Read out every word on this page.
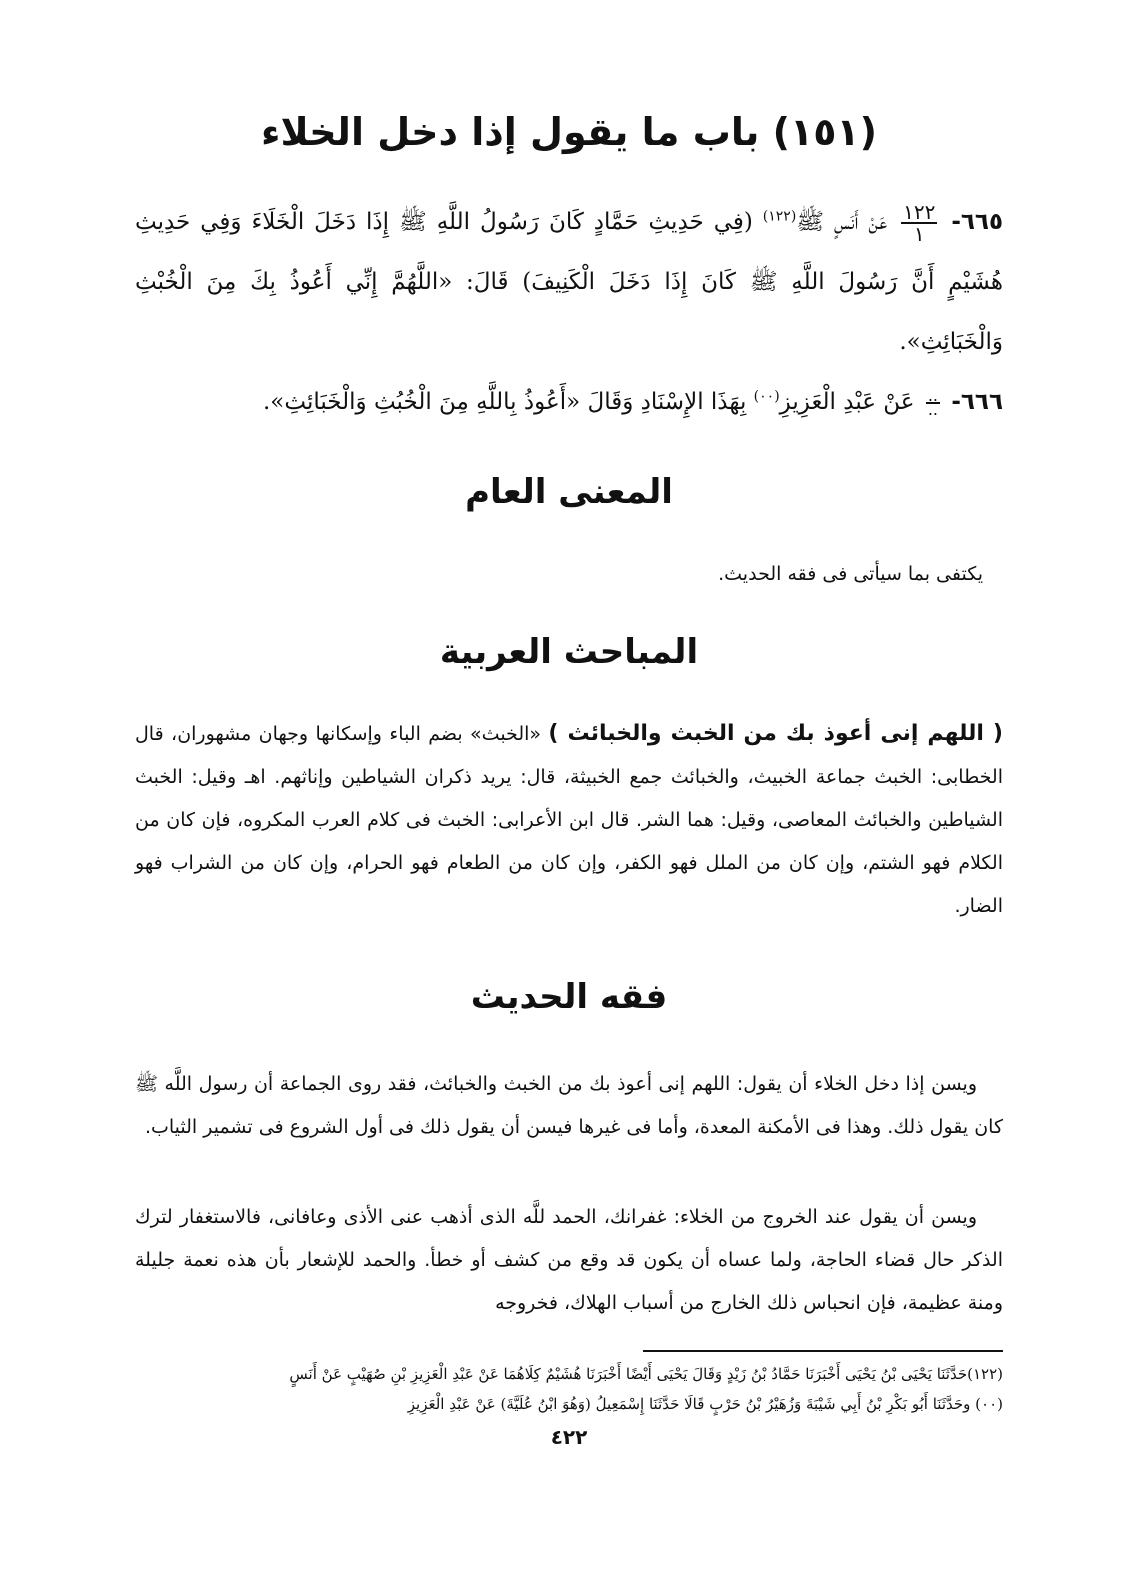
(١٥١) باب ما يقول إذا دخل الخلاء

٦٦٥-
$\frac{١٢٢}{١}$
عَنْ أَنَسٍ ﷺ$^{(١٢٢)}$ (فِي حَدِيثِ حَمَّادٍ كَانَ رَسُولُ اللَّهِ ﷺ إِذَا دَخَلَ الْخَلَاءَ وَفِي حَدِيثِ هُشَيْمٍ أَنَّ رَسُولَ اللَّهِ ﷺ كَانَ إِذَا دَخَلَ الْكَنِيفَ) قَالَ: «اللَّهُمَّ إِنِّي أَعُوذُ بِكَ مِنَ الْخُبْثِ وَالْخَبَائِثِ».

٦٦٦-
$\frac{..}{..}$
عَنْ عَبْدِ الْعَزِيزِ$^{(٠٠)}$ بِهَذَا الإِسْنَادِ وَقَالَ «أَعُوذُ بِاللَّهِ مِنَ الْخُبُثِ وَالْخَبَائِثِ».

المعنى العام

يكتفى بما سيأتى فى فقه الحديث.

المباحث العربية

( اللهم إنى أعوذ بك من الخبث والخبائث ) «الخبث» بضم الباء وإسكانها وجهان مشهوران، قال الخطابى: الخبث جماعة الخبيث، والخبائث جمع الخبيثة، قال: يريد ذكران الشياطين وإناثهم. اهـ وقيل: الخبث الشياطين والخبائث المعاصى، وقيل: هما الشر. قال ابن الأعرابى: الخبث فى كلام العرب المكروه، فإن كان من الكلام فهو الشتم، وإن كان من الملل فهو الكفر، وإن كان من الطعام فهو الحرام، وإن كان من الشراب فهو الضار.

فقه الحديث

ويسن إذا دخل الخلاء أن يقول: اللهم إنى أعوذ بك من الخبث والخبائث، فقد روى الجماعة أن رسول اللَّه ﷺ كان يقول ذلك. وهذا فى الأمكنة المعدة، وأما فى غيرها فيسن أن يقول ذلك فى أول الشروع فى تشمير الثياب.

ويسن أن يقول عند الخروج من الخلاء: غفرانك، الحمد للَّه الذى أذهب عنى الأذى وعافانى، فالاستغفار لترك الذكر حال قضاء الحاجة، ولما عساه أن يكون قد وقع من كشف أو خطأ. والحمد للإشعار بأن هذه نعمة جليلة ومنة عظيمة، فإن انحباس ذلك الخارج من أسباب الهلاك، فخروجه

(١٢٢)حَدَّثَنَا يَحْيَى بْنُ يَحْيَى أَخْبَرَنَا حَمَّادُ بْنُ زَيْدٍ وَقَالَ يَحْيَى أَيْضًا أَخْبَرَنَا هُشَيْمٌ كِلَاهُمَا عَنْ عَبْدِ الْعَزِيزِ بْنِ صُهَيْبٍ عَنْ أَنَسٍ

(٠٠) وحَدَّثَنَا أَبُو بَكْرِ بْنُ أَبِي شَيْبَةَ وَزُهَيْرُ بْنُ حَرْبٍ قَالَا حَدَّثَنَا إِسْمَعِيلُ (وَهُوَ ابْنُ عُلَيَّةَ) عَنْ عَبْدِ الْعَزِيزِ

٤٢٢
